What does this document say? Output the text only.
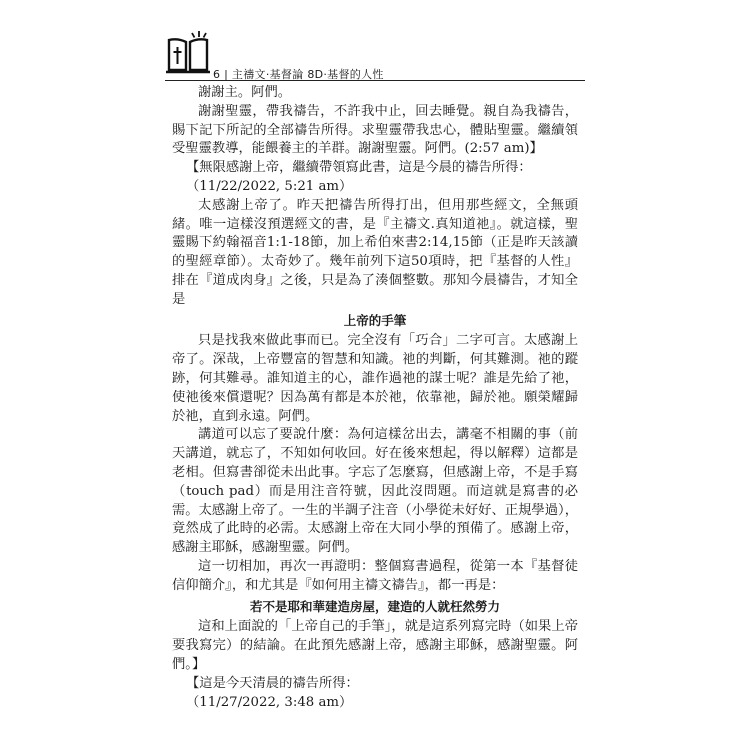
6 | 主禱文‧基督論 8D‧基督的人性

謝謝主。阿們。

謝謝聖靈，帶我禱告，不許我中止，回去睡覺。親自為我禱告，賜下記下所記的全部禱告所得。求聖靈帶我忠心，體貼聖靈。繼續領受聖靈教導，能餵養主的羊群。謝謝聖靈。阿們。(2:57 am)】

【無限感謝上帝，繼續帶領寫此書，這是今晨的禱告所得：

（11/22/2022, 5:21 am）

太感謝上帝了。昨天把禱告所得打出，但用那些經文，全無頭緒。唯一這樣沒預選經文的書，是『主禱文.真知道祂』。就這樣，聖靈賜下約翰福音1:1-18節，加上希伯來書2:14,15節（正是昨天該讀的聖經章節）。太奇妙了。幾年前列下這50項時，把『基督的人性』排在『道成肉身』之後，只是為了湊個整數。那知今晨禱告，才知全是

上帝的手筆

只是找我來做此事而已。完全沒有「巧合」二字可言。太感謝上帝了。深哉，上帝豐富的智慧和知識。祂的判斷，何其難測。祂的蹤跡，何其難尋。誰知道主的心，誰作過祂的謀士呢？誰是先給了祂，使祂後來償還呢？因為萬有都是本於祂，依靠祂，歸於祂。願榮耀歸於祂，直到永遠。阿們。

講道可以忘了要說什麼：為何這樣岔出去，講毫不相關的事（前天講道，就忘了，不知如何收回。好在後來想起，得以解釋）這都是老相。但寫書卻從未出此事。字忘了怎麼寫，但感謝上帝，不是手寫（touch pad）而是用注音符號，因此沒問題。而這就是寫書的必需。太感謝上帝了。一生的半調子注音（小學從未好好、正規學過），竟然成了此時的必需。太感謝上帝在大同小學的預備了。感謝上帝，感謝主耶穌，感謝聖靈。阿們。

這一切相加，再次一再證明：整個寫書過程，從第一本『基督徒信仰簡介』，和尤其是『如何用主禱文禱告』，都一再是：

若不是耶和華建造房屋，建造的人就枉然勞力

這和上面說的「上帝自己的手筆」，就是這系列寫完時（如果上帝要我寫完）的結論。在此預先感謝上帝，感謝主耶穌，感謝聖靈。阿們。】

【這是今天清晨的禱告所得：

（11/27/2022, 3:48 am）
